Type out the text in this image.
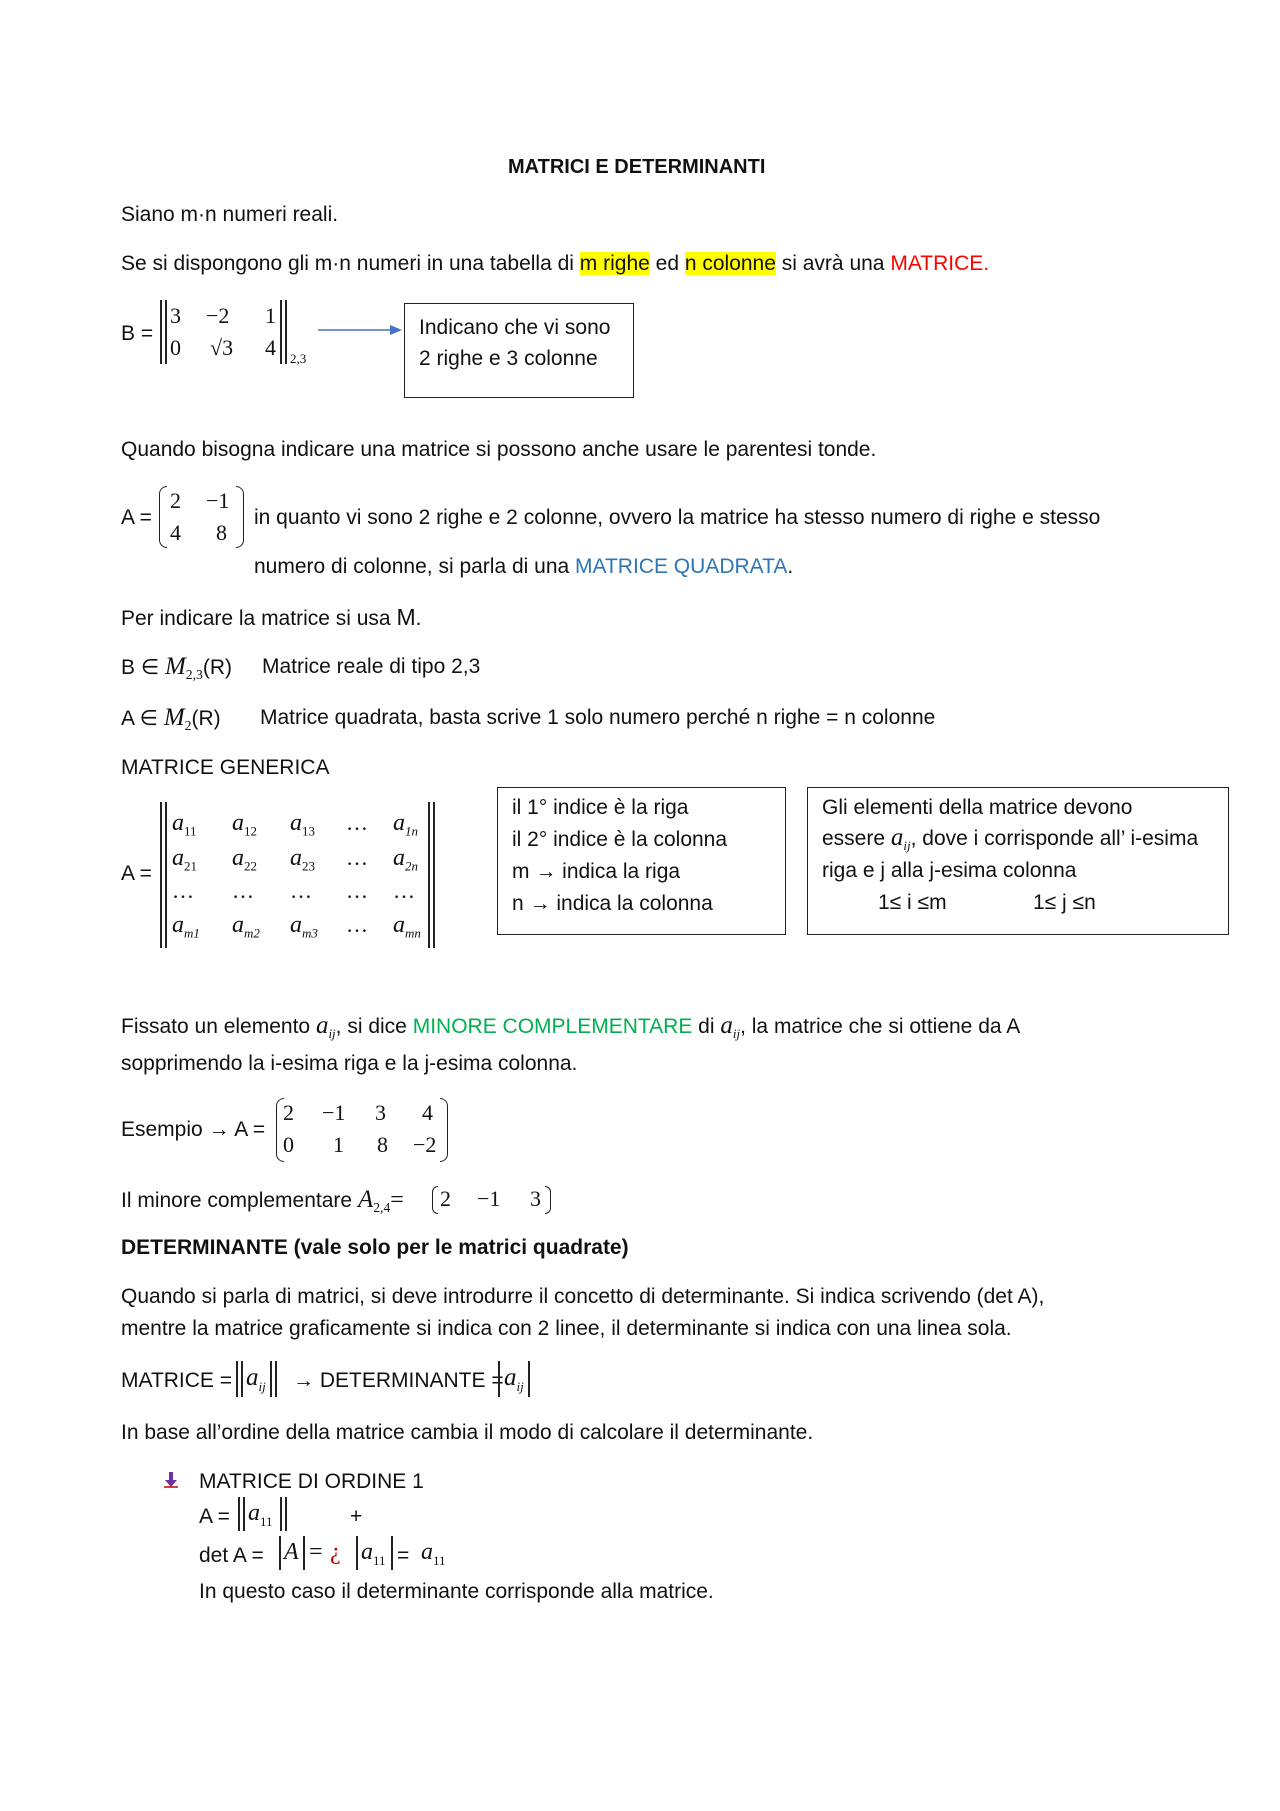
MATRICI E DETERMINANTI
Siano m·n numeri reali.
Se si dispongono gli m·n numeri in una tabella di m righe ed n colonne si avrà una MATRICE.
B =
3 −2 1
0 √3 4 2,3
Indicano che vi sono
2 righe e 3 colonne
Quando bisogna indicare una matrice si possono anche usare le parentesi tonde.
A =
2 −1
4 8
in quanto vi sono 2 righe e 2 colonne, ovvero la matrice ha stesso numero di righe e stesso
numero di colonne, si parla di una MATRICE QUADRATA.
Per indicare la matrice si usa M.
B ∈ $M_{2,3}(R)$ Matrice reale di tipo 2,3
A ∈ $M_2(R)$ Matrice quadrata, basta scrive 1 solo numero perché n righe = n colonne
MATRICE GENERICA
A =
$a_{11}$ $a_{12}$ $a_{13}$ … $a_{1n}$
$a_{21}$ $a_{22}$ $a_{23}$ … $a_{2n}$
… … … … …
$a_{m1}$ $a_{m2}$ $a_{m3}$ … $a_{mn}$
il 1° indice è la riga
il 2° indice è la colonna
m → indica la riga
n → indica la colonna
Gli elementi della matrice devono
essere $a_{ij}$, dove i corrisponde all’ i-esima
riga e j alla j-esima colonna
1≤ i ≤m	1≤ j ≤n
Fissato un elemento $a_{ij}$, si dice MINORE COMPLEMENTARE di $a_{ij}$, la matrice che si ottiene da A
sopprimendo la i-esima riga e la j-esima colonna.
Esempio → A =
2 −1 3 4
0 1 8 −2
Il minore complementare $A_{2,4}= 2 -1$ 3
DETERMINANTE (vale solo per le matrici quadrate)
Quando si parla di matrici, si deve introdurre il concetto di determinante. Si indica scrivendo (det A),
mentre la matrice graficamente si indica con 2 linee, il determinante si indica con una linea sola.
MATRICE = $a_{ij}$ → DETERMINANTE = $a_{ij}$
In base all’ordine della matrice cambia il modo di calcolare il determinante.
MATRICE DI ORDINE 1
$A = a_{11}$	+
det A = A = ¿ $a_{11} = a_{11}$
In questo caso il determinante corrisponde alla matrice.
